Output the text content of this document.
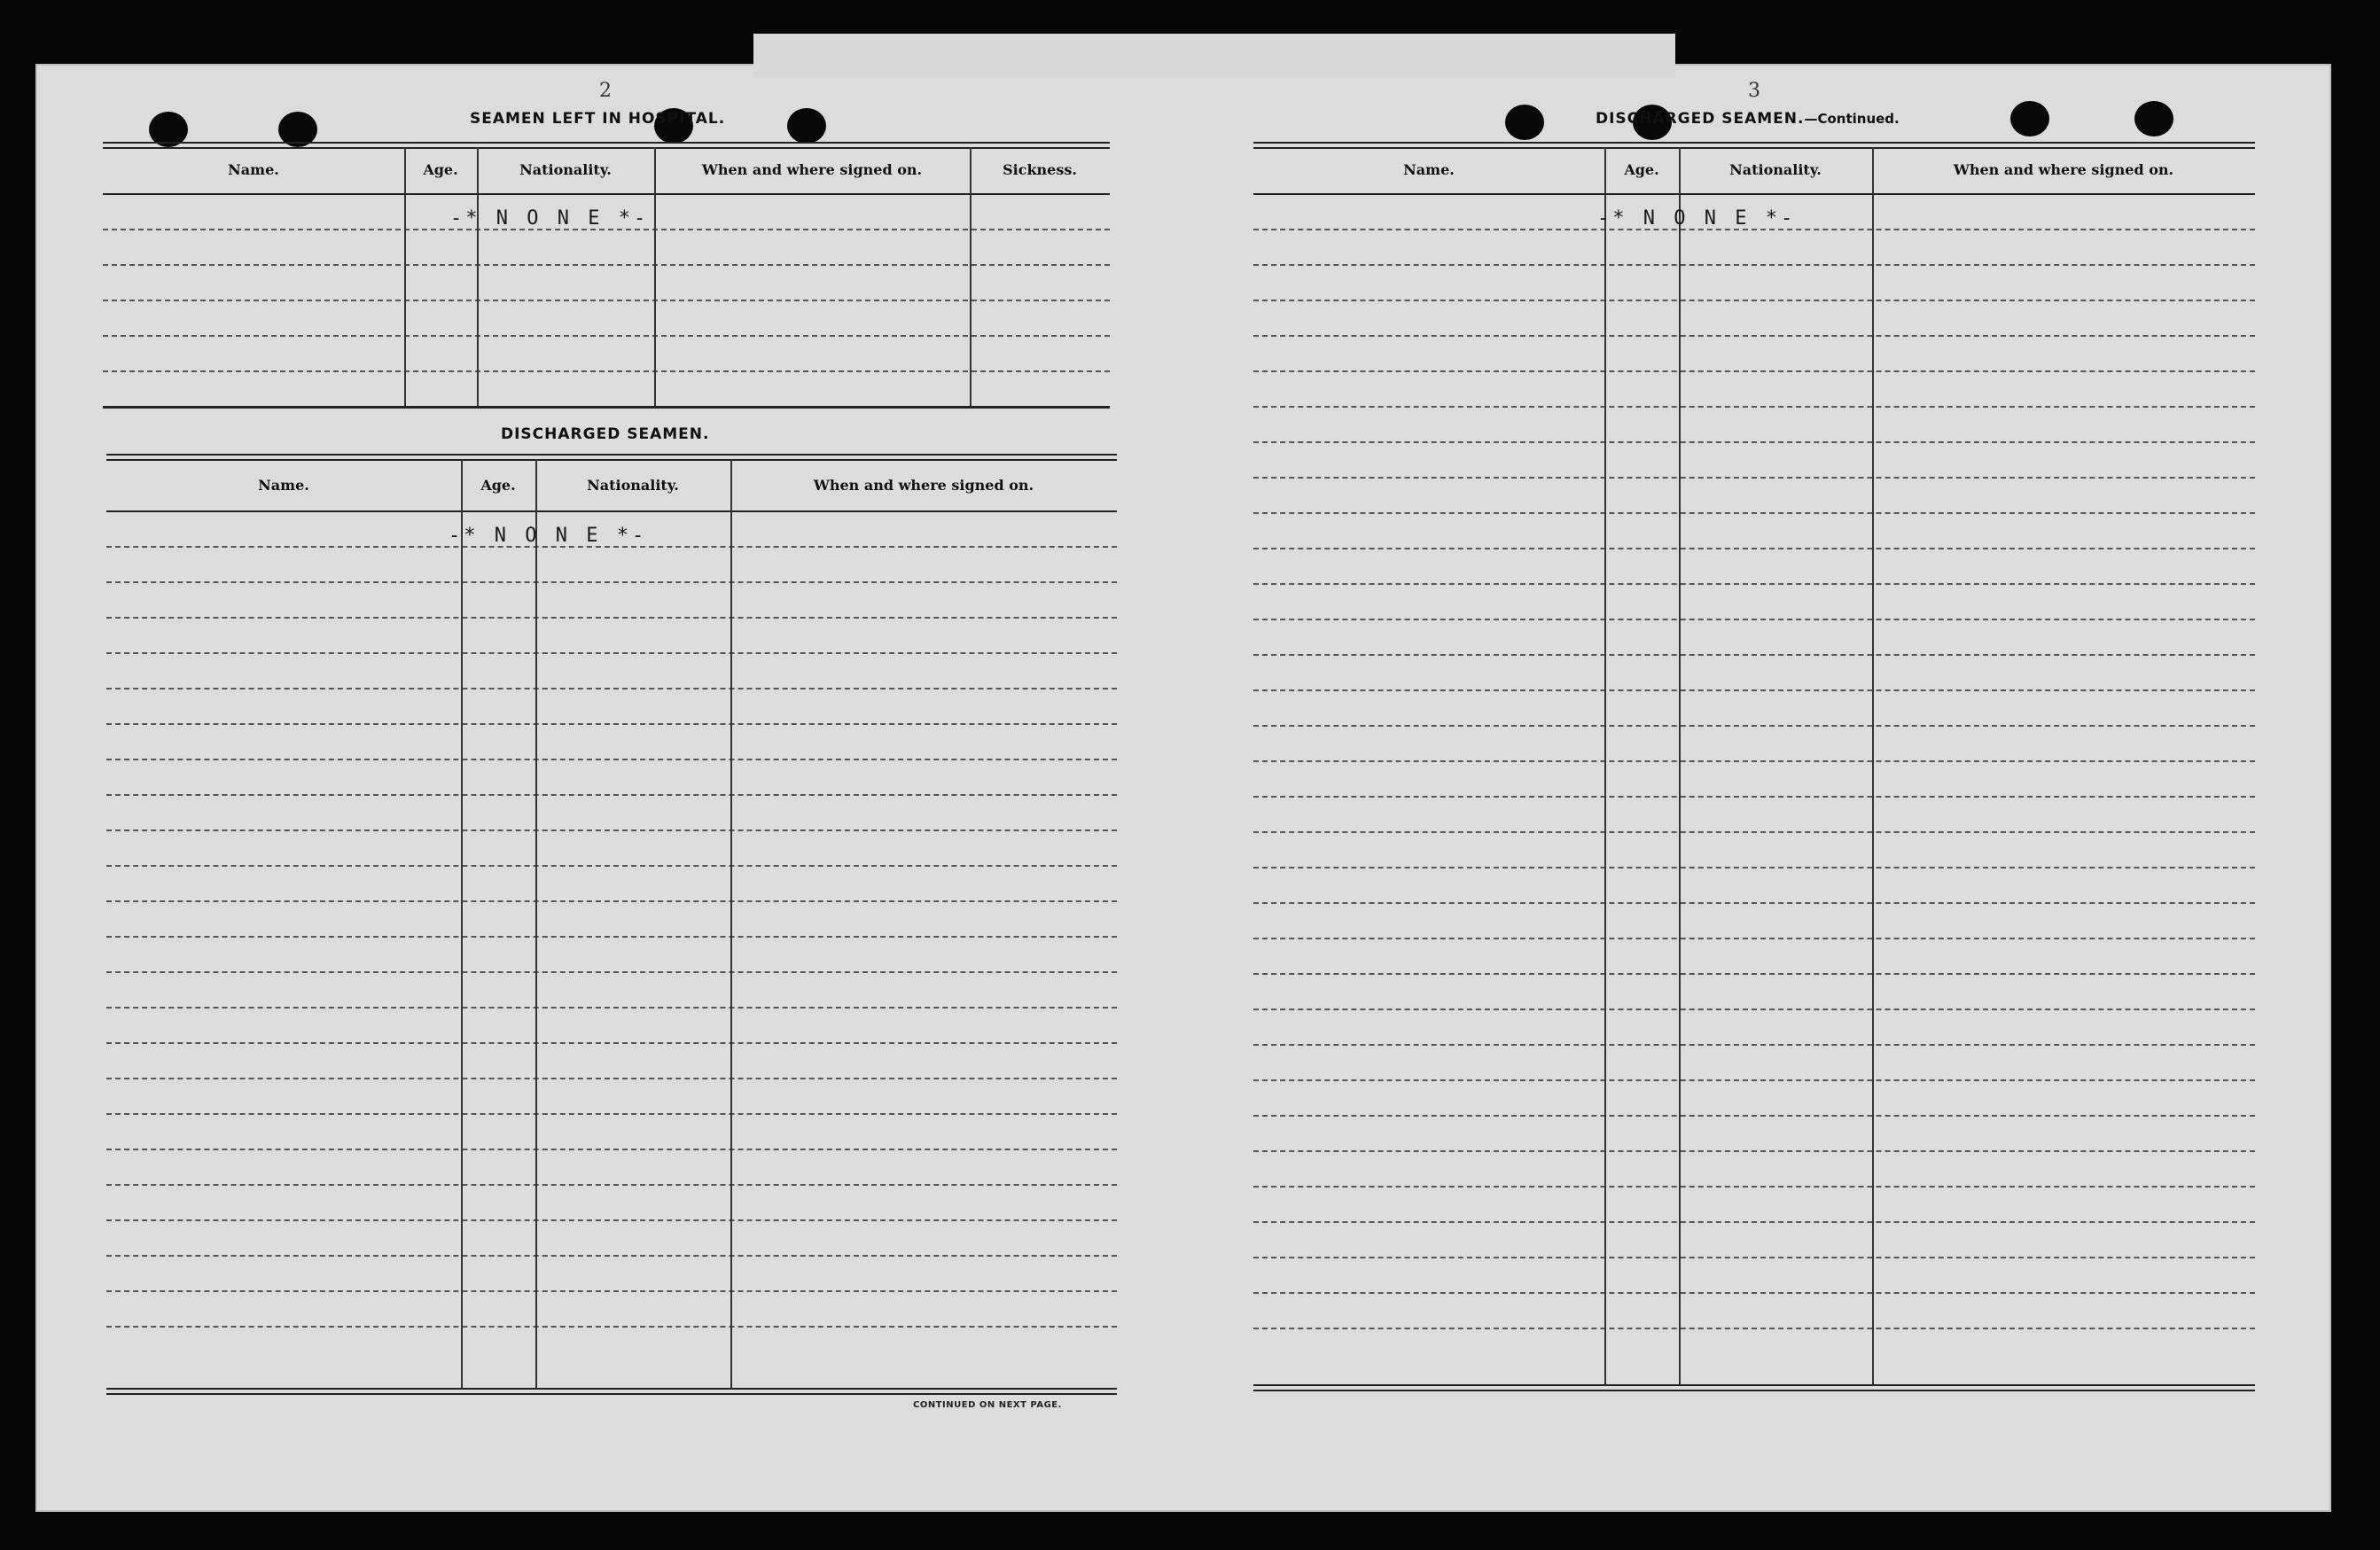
2
SEAMEN LEFT IN HOSPITAL.
Name.	Age.	Nationality.	When and where signed on.	Sickness.
-* N O N E *-
DISCHARGED SEAMEN.
Name.	Age.	Nationality.	When and where signed on.
-* N O N E *-
CONTINUED ON NEXT PAGE.
3
DISCHARGED SEAMEN.—Continued.
Name.	Age.	Nationality.	When and where signed on.
-* N O N E *-
